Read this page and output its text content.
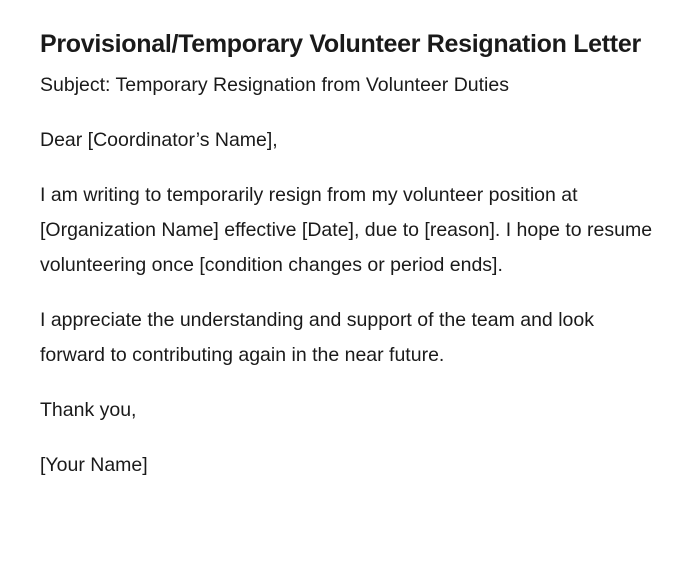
Provisional/Temporary Volunteer Resignation Letter

Subject: Temporary Resignation from Volunteer Duties

Dear [Coordinator’s Name],

I am writing to temporarily resign from my volunteer position at [Organization Name] effective [Date], due to [reason]. I hope to resume volunteering once [condition changes or period ends].

I appreciate the understanding and support of the team and look forward to contributing again in the near future.

Thank you,

[Your Name]
